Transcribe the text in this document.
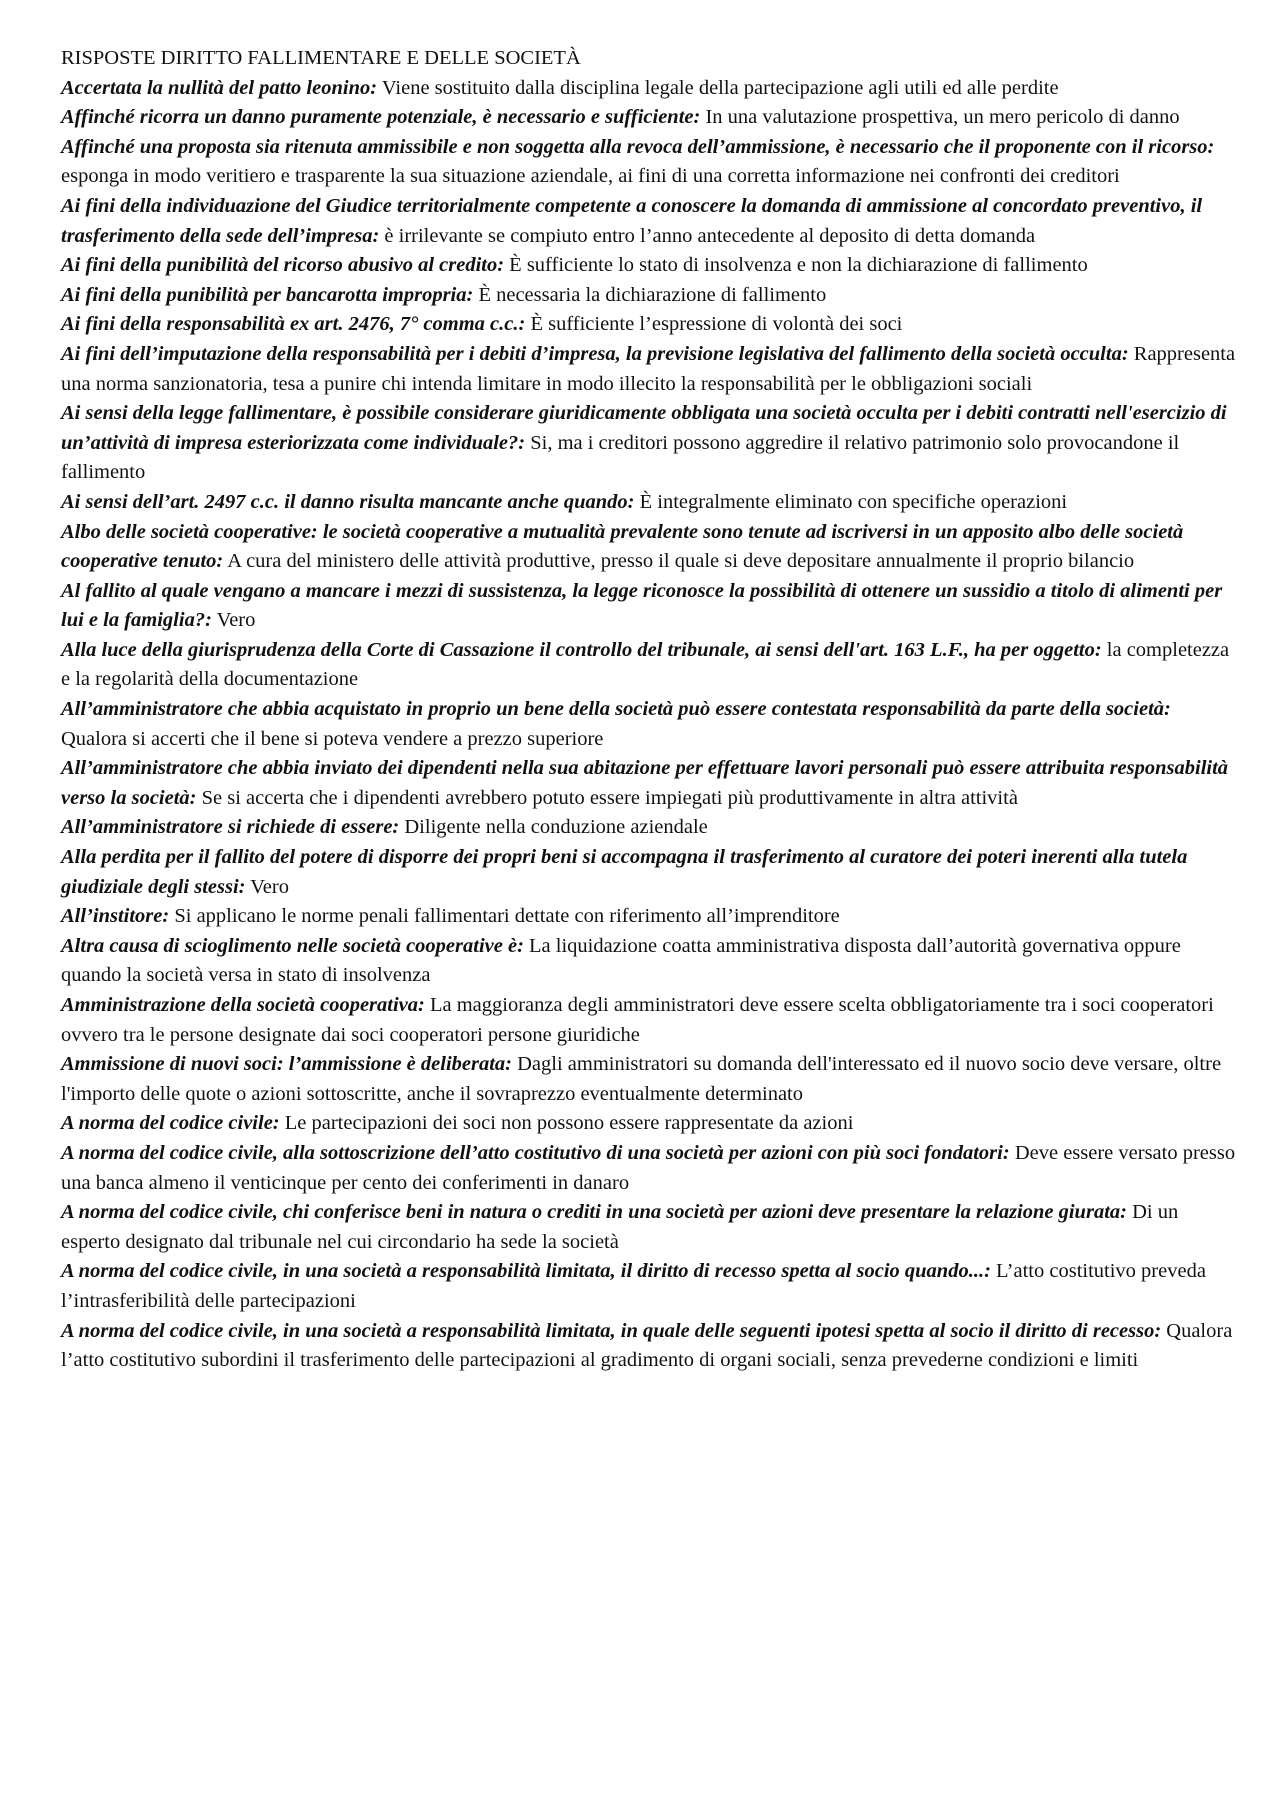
RISPOSTE DIRITTO FALLIMENTARE E DELLE SOCIETÀ

Accertata la nullità del patto leonino: Viene sostituito dalla disciplina legale della partecipazione agli utili ed alle perdite

Affinché ricorra un danno puramente potenziale, è necessario e sufficiente: In una valutazione prospettiva, un mero pericolo di danno

Affinché una proposta sia ritenuta ammissibile e non soggetta alla revoca dell’ammissione, è necessario che il proponente con il ricorso: esponga in modo veritiero e trasparente la sua situazione aziendale, ai fini di una corretta informazione nei confronti dei creditori

Ai fini della individuazione del Giudice territorialmente competente a conoscere la domanda di ammissione al concordato preventivo, il trasferimento della sede dell’impresa: è irrilevante se compiuto entro l’anno antecedente al deposito di detta domanda

Ai fini della punibilità del ricorso abusivo al credito: È sufficiente lo stato di insolvenza e non la dichiarazione di fallimento

Ai fini della punibilità per bancarotta impropria: È necessaria la dichiarazione di fallimento

Ai fini della responsabilità ex art. 2476, 7° comma c.c.: È sufficiente l’espressione di volontà dei soci

Ai fini dell’imputazione della responsabilità per i debiti d’impresa, la previsione legislativa del fallimento della società occulta: Rappresenta una norma sanzionatoria, tesa a punire chi intenda limitare in modo illecito la responsabilità per le obbligazioni sociali

Ai sensi della legge fallimentare, è possibile considerare giuridicamente obbligata una società occulta per i debiti contratti nell'esercizio di un’attività di impresa esteriorizzata come individuale?: Si, ma i creditori possono aggredire il relativo patrimonio solo provocandone il fallimento

Ai sensi dell’art. 2497 c.c. il danno risulta mancante anche quando: È integralmente eliminato con specifiche operazioni

Albo delle società cooperative: le società cooperative a mutualità prevalente sono tenute ad iscriversi in un apposito albo delle società cooperative tenuto: A cura del ministero delle attività produttive, presso il quale si deve depositare annualmente il proprio bilancio

Al fallito al quale vengano a mancare i mezzi di sussistenza, la legge riconosce la possibilità di ottenere un sussidio a titolo di alimenti per lui e la famiglia?: Vero

Alla luce della giurisprudenza della Corte di Cassazione il controllo del tribunale, ai sensi dell'art. 163 L.F., ha per oggetto: la completezza e la regolarità della documentazione

All’amministratore che abbia acquistato in proprio un bene della società può essere contestata responsabilità da parte della società: Qualora si accerti che il bene si poteva vendere a prezzo superiore

All’amministratore che abbia inviato dei dipendenti nella sua abitazione per effettuare lavori personali può essere attribuita responsabilità verso la società: Se si accerta che i dipendenti avrebbero potuto essere impiegati più produttivamente in altra attività

All’amministratore si richiede di essere: Diligente nella conduzione aziendale

Alla perdita per il fallito del potere di disporre dei propri beni si accompagna il trasferimento al curatore dei poteri inerenti alla tutela giudiziale degli stessi: Vero

All’institore: Si applicano le norme penali fallimentari dettate con riferimento all’imprenditore

Altra causa di scioglimento nelle società cooperative è: La liquidazione coatta amministrativa disposta dall’autorità governativa oppure quando la società versa in stato di insolvenza

Amministrazione della società cooperativa: La maggioranza degli amministratori deve essere scelta obbligatoriamente tra i soci cooperatori ovvero tra le persone designate dai soci cooperatori persone giuridiche

Ammissione di nuovi soci: l’ammissione è deliberata: Dagli amministratori su domanda dell'interessato ed il nuovo socio deve versare, oltre l'importo delle quote o azioni sottoscritte, anche il sovraprezzo eventualmente determinato

A norma del codice civile: Le partecipazioni dei soci non possono essere rappresentate da azioni

A norma del codice civile, alla sottoscrizione dell’atto costitutivo di una società per azioni con più soci fondatori: Deve essere versato presso una banca almeno il venticinque per cento dei conferimenti in danaro

A norma del codice civile, chi conferisce beni in natura o crediti in una società per azioni deve presentare la relazione giurata: Di un esperto designato dal tribunale nel cui circondario ha sede la società

A norma del codice civile, in una società a responsabilità limitata, il diritto di recesso spetta al socio quando...: L’atto costitutivo preveda l’intrasferibilità delle partecipazioni

A norma del codice civile, in una società a responsabilità limitata, in quale delle seguenti ipotesi spetta al socio il diritto di recesso: Qualora l’atto costitutivo subordini il trasferimento delle partecipazioni al gradimento di organi sociali, senza prevederne condizioni e limiti
